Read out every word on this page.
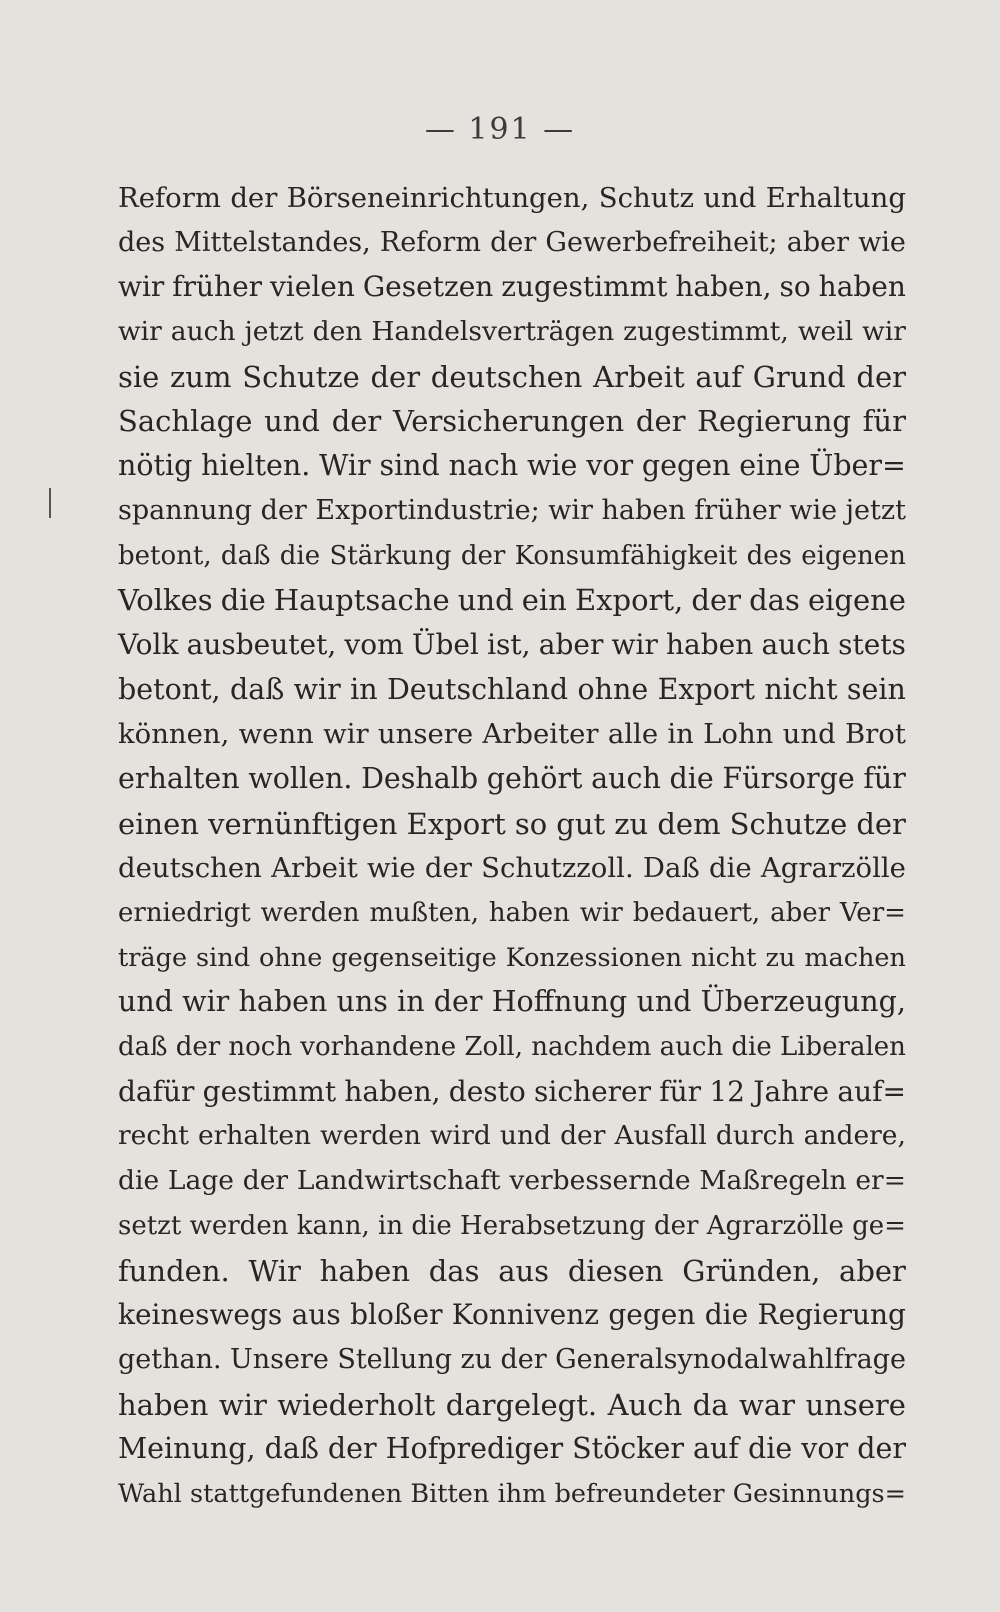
— 191 —
Reform der Börseneinrichtungen, Schutz und Erhaltung
des Mittelstandes, Reform der Gewerbefreiheit; aber wie
wir früher vielen Gesetzen zugestimmt haben, so haben
wir auch jetzt den Handelsverträgen zugestimmt, weil wir
sie zum Schutze der deutschen Arbeit auf Grund der
Sachlage und der Versicherungen der Regierung für
nötig hielten. Wir sind nach wie vor gegen eine Über=
spannung der Exportindustrie; wir haben früher wie jetzt
betont, daß die Stärkung der Konsumfähigkeit des eigenen
Volkes die Hauptsache und ein Export, der das eigene
Volk ausbeutet, vom Übel ist, aber wir haben auch stets
betont, daß wir in Deutschland ohne Export nicht sein
können, wenn wir unsere Arbeiter alle in Lohn und Brot
erhalten wollen. Deshalb gehört auch die Fürsorge für
einen vernünftigen Export so gut zu dem Schutze der
deutschen Arbeit wie der Schutzzoll. Daß die Agrarzölle
erniedrigt werden mußten, haben wir bedauert, aber Ver=
träge sind ohne gegenseitige Konzessionen nicht zu machen
und wir haben uns in der Hoffnung und Überzeugung,
daß der noch vorhandene Zoll, nachdem auch die Liberalen
dafür gestimmt haben, desto sicherer für 12 Jahre auf=
recht erhalten werden wird und der Ausfall durch andere,
die Lage der Landwirtschaft verbessernde Maßregeln er=
setzt werden kann, in die Herabsetzung der Agrarzölle ge=
funden. Wir haben das aus diesen Gründen, aber
keineswegs aus bloßer Konnivenz gegen die Regierung
gethan. Unsere Stellung zu der Generalsynodalwahlfrage
haben wir wiederholt dargelegt. Auch da war unsere
Meinung, daß der Hofprediger Stöcker auf die vor der
Wahl stattgefundenen Bitten ihm befreundeter Gesinnungs=
